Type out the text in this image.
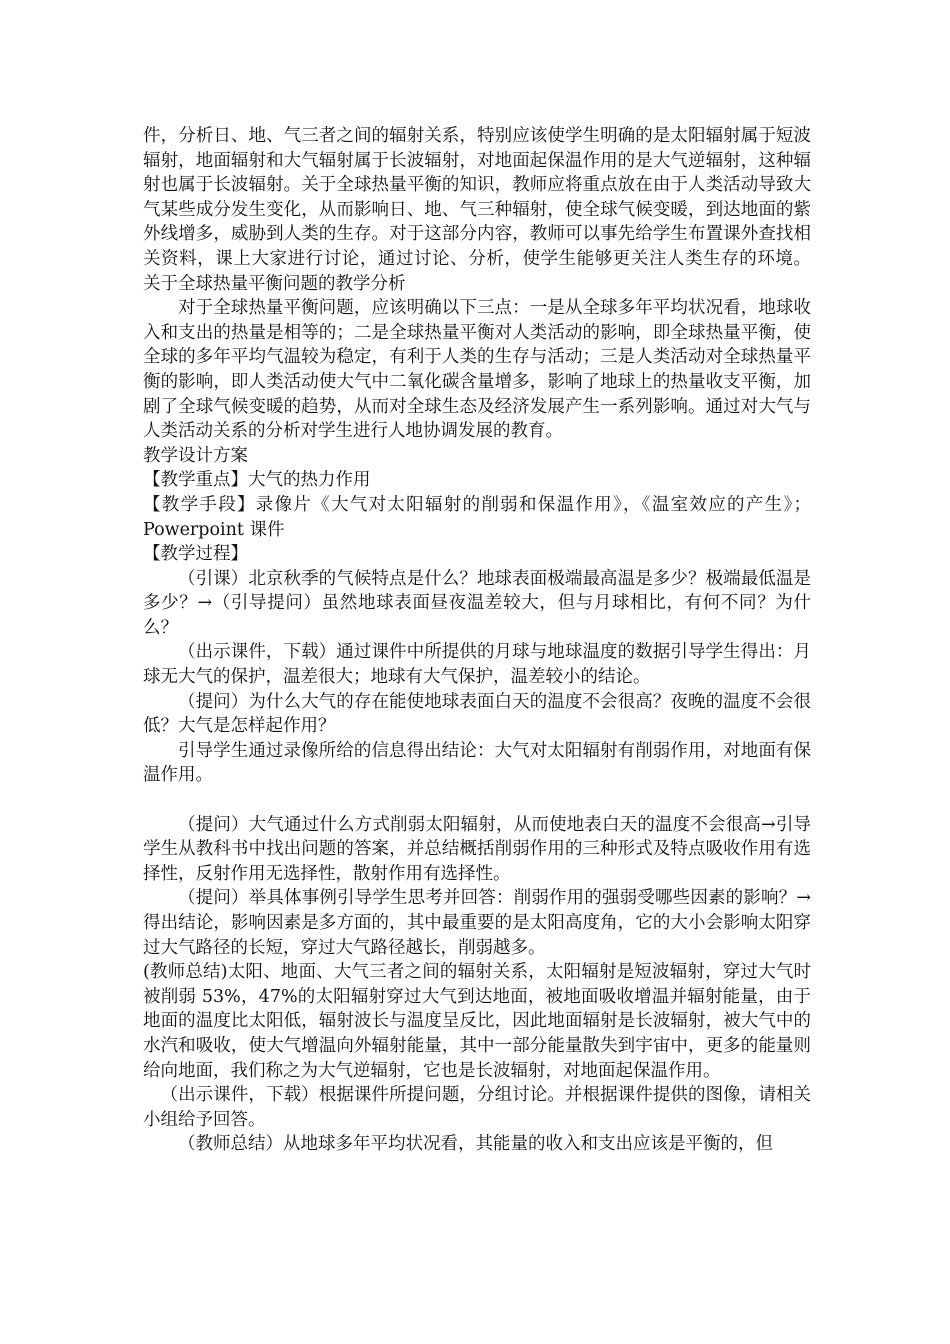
件，分析日、地、气三者之间的辐射关系，特别应该使学生明确的是太阳辐射属于短波辐射，地面辐射和大气辐射属于长波辐射，对地面起保温作用的是大气逆辐射，这种辐射也属于长波辐射。关于全球热量平衡的知识，教师应将重点放在由于人类活动导致大气某些成分发生变化，从而影响日、地、气三种辐射，使全球气候变暖，到达地面的紫外线增多，威胁到人类的生存。对于这部分内容，教师可以事先给学生布置课外查找相关资料，课上大家进行讨论，通过讨论、分析，使学生能够更关注人类生存的环境。 关于全球热量平衡问题的教学分析

对于全球热量平衡问题，应该明确以下三点：一是从全球多年平均状况看，地球收入和支出的热量是相等的；二是全球热量平衡对人类活动的影响，即全球热量平衡，使全球的多年平均气温较为稳定，有利于人类的生存与活动；三是人类活动对全球热量平衡的影响，即人类活动使大气中二氧化碳含量增多，影响了地球上的热量收支平衡，加剧了全球气候变暖的趋势，从而对全球生态及经济发展产生一系列影响。通过对大气与人类活动关系的分析对学生进行人地协调发展的教育。

教学设计方案

【教学重点】大气的热力作用

【教学手段】录像片《大气对太阳辐射的削弱和保温作用》，《温室效应的产生》；Powerpoint 课件

【教学过程】

（引课）北京秋季的气候特点是什么？地球表面极端最高温是多少？极端最低温是多少？→（引导提问）虽然地球表面昼夜温差较大，但与月球相比，有何不同？为什么？

（出示课件，下载）通过课件中所提供的月球与地球温度的数据引导学生得出：月球无大气的保护，温差很大；地球有大气保护，温差较小的结论。

（提问）为什么大气的存在能使地球表面白天的温度不会很高？夜晚的温度不会很低？大气是怎样起作用？

引导学生通过录像所给的信息得出结论：大气对太阳辐射有削弱作用，对地面有保温作用。

（提问）大气通过什么方式削弱太阳辐射，从而使地表白天的温度不会很高→引导学生从教科书中找出问题的答案，并总结概括削弱作用的三种形式及特点吸收作用有选择性，反射作用无选择性，散射作用有选择性。

（提问）举具体事例引导学生思考并回答：削弱作用的强弱受哪些因素的影响？→得出结论，影响因素是多方面的，其中最重要的是太阳高度角，它的大小会影响太阳穿过大气路径的长短，穿过大气路径越长，削弱越多。

(教师总结)太阳、地面、大气三者之间的辐射关系，太阳辐射是短波辐射，穿过大气时被削弱 53%，47%的太阳辐射穿过大气到达地面，被地面吸收增温并辐射能量，由于地面的温度比太阳低，辐射波长与温度呈反比，因此地面辐射是长波辐射，被大气中的水汽和吸收，使大气增温向外辐射能量，其中一部分能量散失到宇宙中，更多的能量则给向地面，我们称之为大气逆辐射，它也是长波辐射，对地面起保温作用。

（出示课件，下载）根据课件所提问题，分组讨论。并根据课件提供的图像，请相关小组给予回答。

（教师总结）从地球多年平均状况看，其能量的收入和支出应该是平衡的，但
